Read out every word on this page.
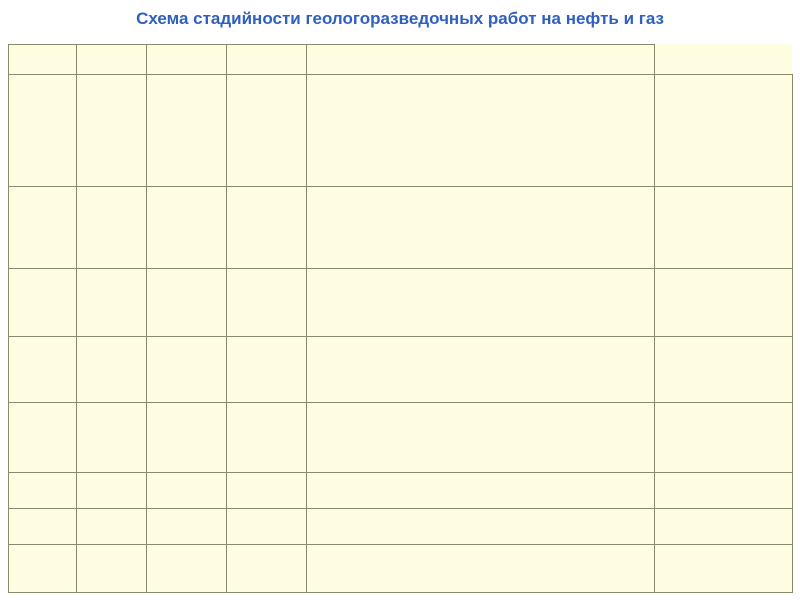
Схема стадийности геологоразведочных работ на нефть и газ
